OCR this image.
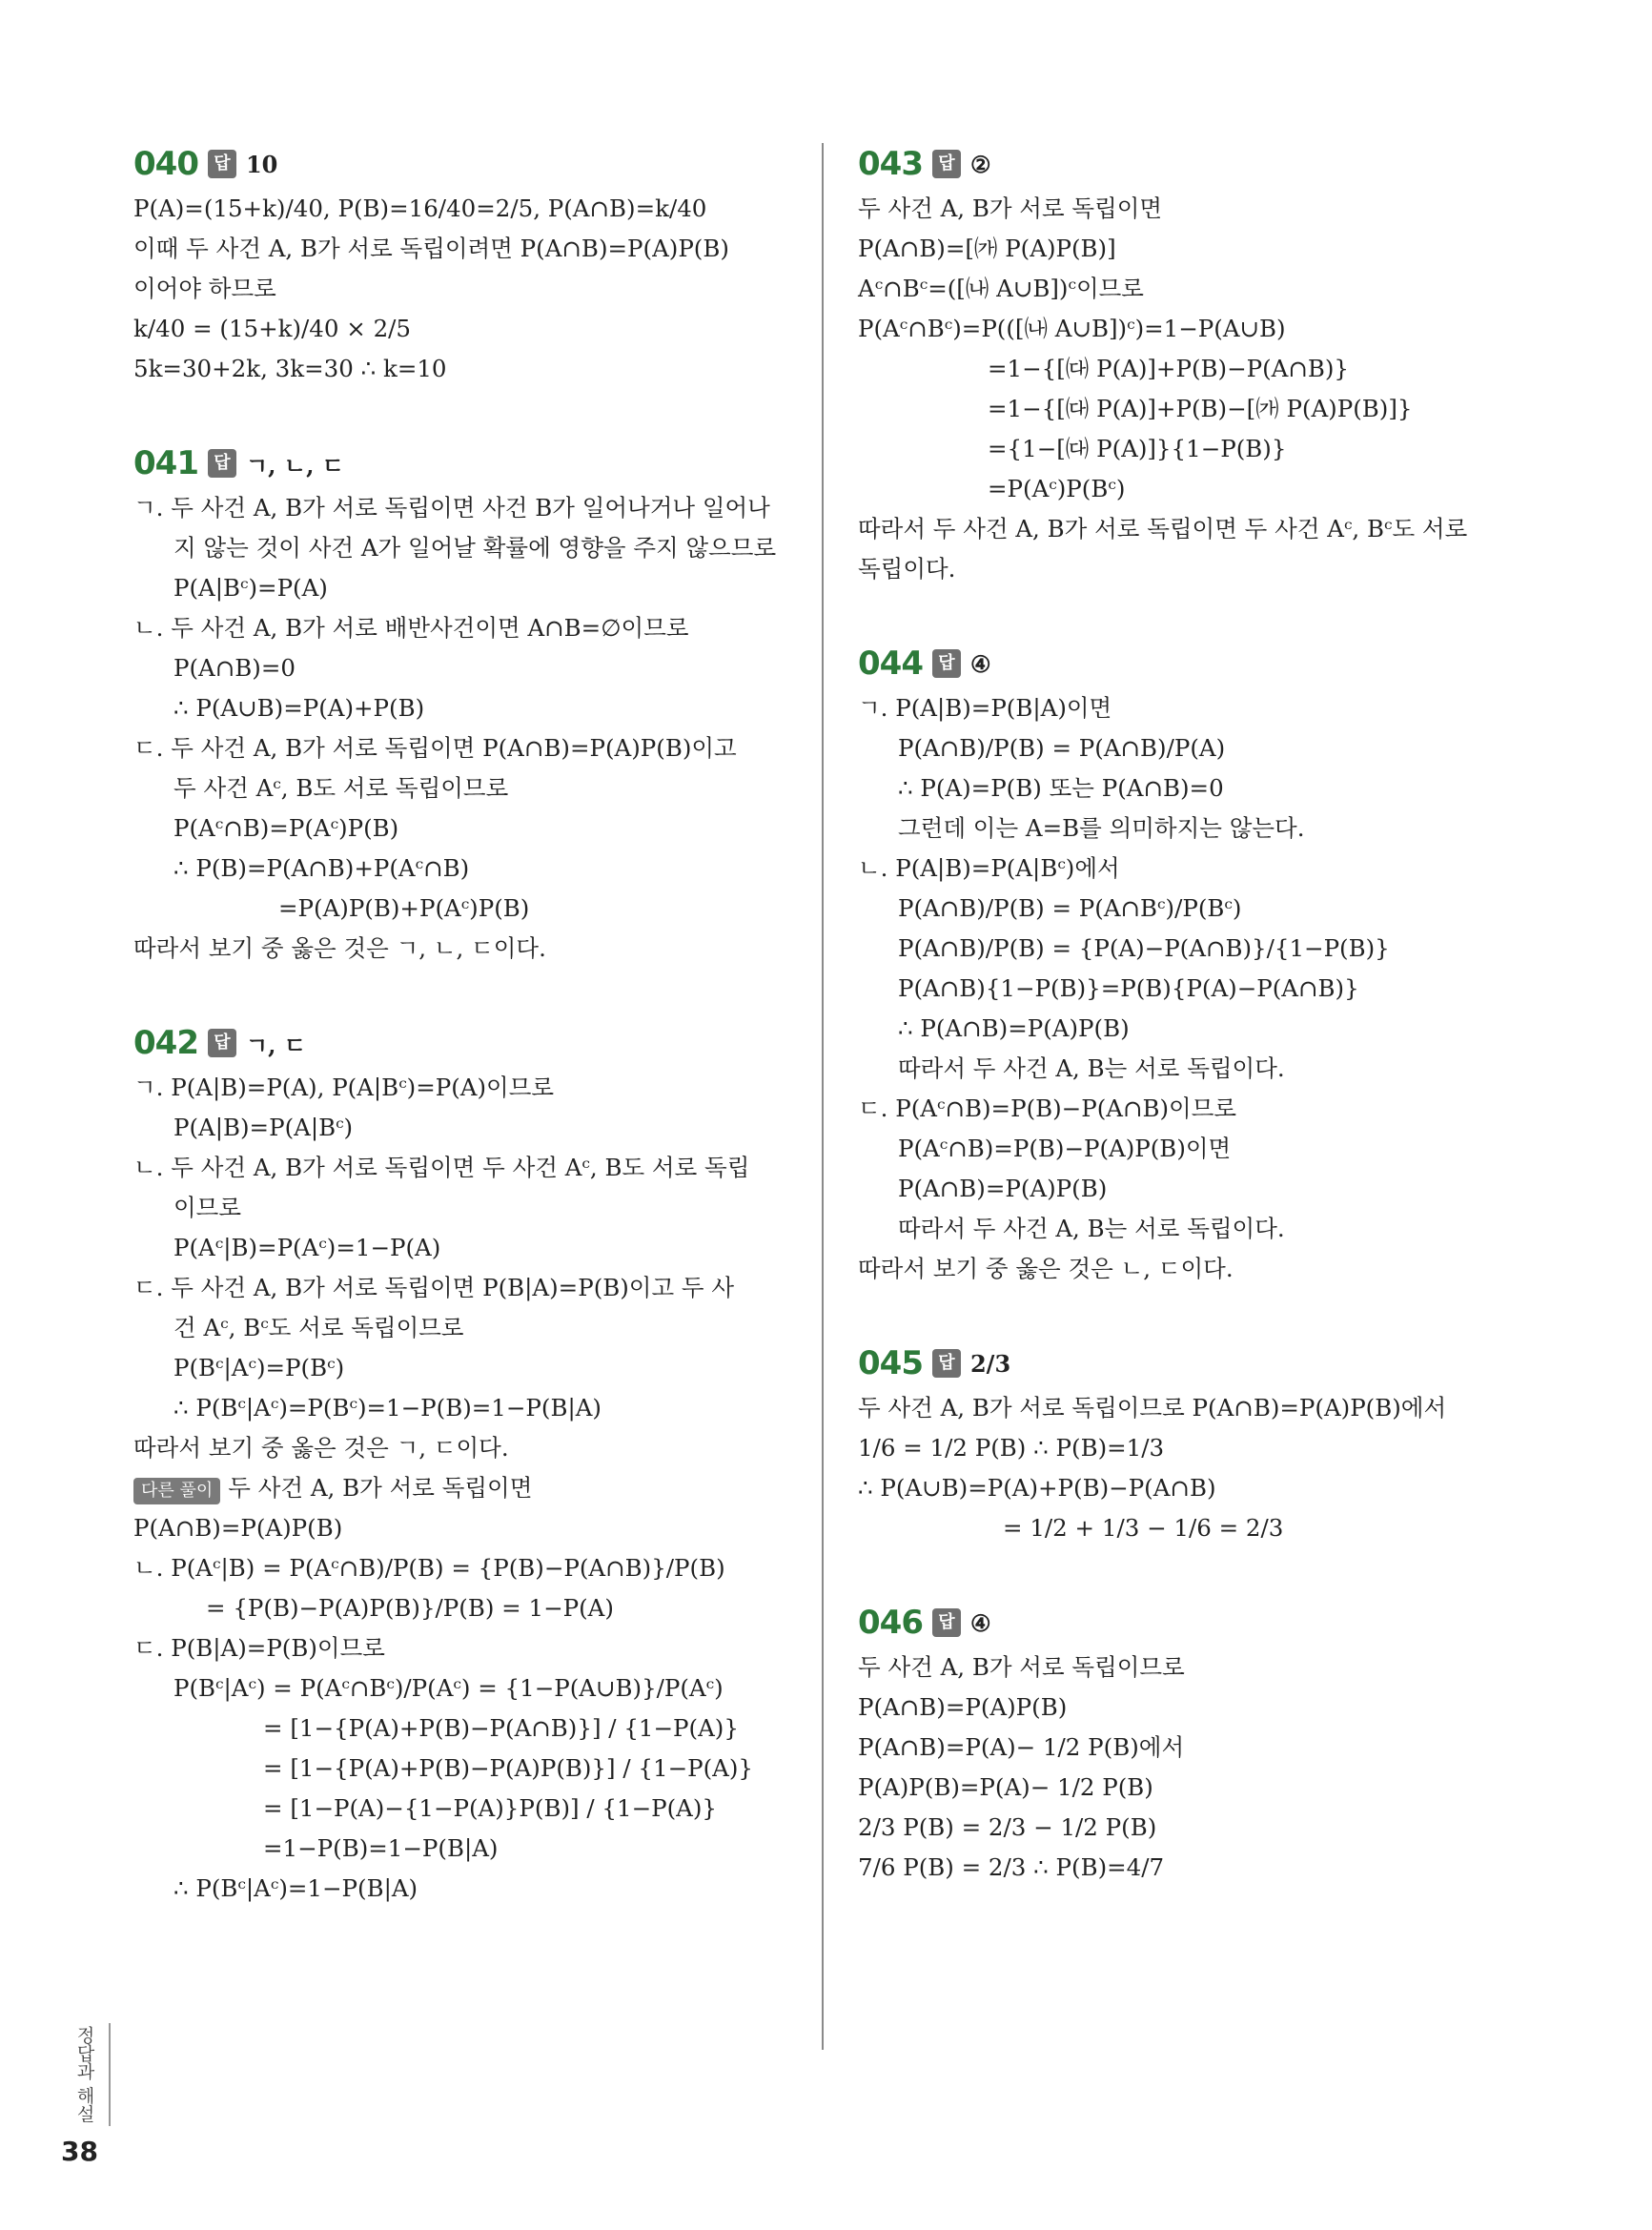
040 답 10
P(A)=(15+k)/40, P(B)=16/40=2/5, P(A∩B)=k/40
이때 두 사건 A, B가 서로 독립이려면 P(A∩B)=P(A)P(B)
이어야 하므로
k/40 = (15+k)/40 × 2/5
5k=30+2k, 3k=30 ∴ k=10
041 답 ㄱ, ㄴ, ㄷ
ㄱ. 두 사건 A, B가 서로 독립이면 사건 B가 일어나거나 일어나
지 않는 것이 사건 A가 일어날 확률에 영향을 주지 않으므로
P(A|Bᶜ)=P(A)
ㄴ. 두 사건 A, B가 서로 배반사건이면 A∩B=∅이므로
P(A∩B)=0
∴ P(A∪B)=P(A)+P(B)
ㄷ. 두 사건 A, B가 서로 독립이면 P(A∩B)=P(A)P(B)이고
두 사건 Aᶜ, B도 서로 독립이므로
P(Aᶜ∩B)=P(Aᶜ)P(B)
∴ P(B)=P(A∩B)+P(Aᶜ∩B)
=P(A)P(B)+P(Aᶜ)P(B)
따라서 보기 중 옳은 것은 ㄱ, ㄴ, ㄷ이다.
042 답 ㄱ, ㄷ
ㄱ. P(A|B)=P(A), P(A|Bᶜ)=P(A)이므로
P(A|B)=P(A|Bᶜ)
ㄴ. 두 사건 A, B가 서로 독립이면 두 사건 Aᶜ, B도 서로 독립
이므로
P(Aᶜ|B)=P(Aᶜ)=1−P(A)
ㄷ. 두 사건 A, B가 서로 독립이면 P(B|A)=P(B)이고 두 사
건 Aᶜ, Bᶜ도 서로 독립이므로
P(Bᶜ|Aᶜ)=P(Bᶜ)
∴ P(Bᶜ|Aᶜ)=P(Bᶜ)=1−P(B)=1−P(B|A)
따라서 보기 중 옳은 것은 ㄱ, ㄷ이다.
다른 풀이 두 사건 A, B가 서로 독립이면
P(A∩B)=P(A)P(B)
ㄴ. P(Aᶜ|B) = P(Aᶜ∩B)/P(B) = {P(B)−P(A∩B)}/P(B)
= {P(B)−P(A)P(B)}/P(B) = 1−P(A)
ㄷ. P(B|A)=P(B)이므로
P(Bᶜ|Aᶜ) = P(Aᶜ∩Bᶜ)/P(Aᶜ) = {1−P(A∪B)}/P(Aᶜ)
= [1−{P(A)+P(B)−P(A∩B)}] / {1−P(A)}
= [1−{P(A)+P(B)−P(A)P(B)}] / {1−P(A)}
= [1−P(A)−{1−P(A)}P(B)] / {1−P(A)}
=1−P(B)=1−P(B|A)
∴ P(Bᶜ|Aᶜ)=1−P(B|A)
043 답 ②
두 사건 A, B가 서로 독립이면
P(A∩B)=[㈎ P(A)P(B)]
Aᶜ∩Bᶜ=([㈏ A∪B])ᶜ이므로
P(Aᶜ∩Bᶜ)=P(([㈏ A∪B])ᶜ)=1−P(A∪B)
=1−{[㈐ P(A)]+P(B)−P(A∩B)}
=1−{[㈐ P(A)]+P(B)−[㈎ P(A)P(B)]}
={1−[㈐ P(A)]}{1−P(B)}
=P(Aᶜ)P(Bᶜ)
따라서 두 사건 A, B가 서로 독립이면 두 사건 Aᶜ, Bᶜ도 서로
독립이다.
044 답 ④
ㄱ. P(A|B)=P(B|A)이면
P(A∩B)/P(B) = P(A∩B)/P(A)
∴ P(A)=P(B) 또는 P(A∩B)=0
그런데 이는 A=B를 의미하지는 않는다.
ㄴ. P(A|B)=P(A|Bᶜ)에서
P(A∩B)/P(B) = P(A∩Bᶜ)/P(Bᶜ)
P(A∩B)/P(B) = {P(A)−P(A∩B)}/{1−P(B)}
P(A∩B){1−P(B)}=P(B){P(A)−P(A∩B)}
∴ P(A∩B)=P(A)P(B)
따라서 두 사건 A, B는 서로 독립이다.
ㄷ. P(Aᶜ∩B)=P(B)−P(A∩B)이므로
P(Aᶜ∩B)=P(B)−P(A)P(B)이면
P(A∩B)=P(A)P(B)
따라서 두 사건 A, B는 서로 독립이다.
따라서 보기 중 옳은 것은 ㄴ, ㄷ이다.
045 답 2/3
두 사건 A, B가 서로 독립이므로 P(A∩B)=P(A)P(B)에서
1/6 = 1/2 P(B) ∴ P(B)=1/3
∴ P(A∪B)=P(A)+P(B)−P(A∩B)
= 1/2 + 1/3 − 1/6 = 2/3
046 답 ④
두 사건 A, B가 서로 독립이므로
P(A∩B)=P(A)P(B)
P(A∩B)=P(A)− 1/2 P(B)에서
P(A)P(B)=P(A)− 1/2 P(B)
2/3 P(B) = 2/3 − 1/2 P(B)
7/6 P(B) = 2/3 ∴ P(B)=4/7
정답과 해설
38
